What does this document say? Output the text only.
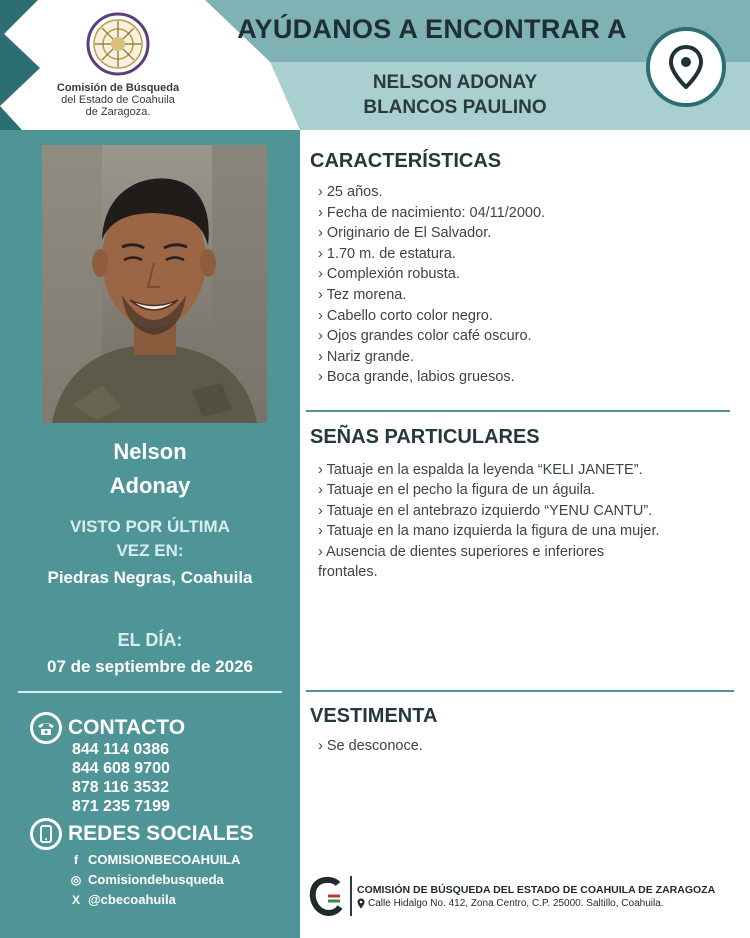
Comisión de Búsqueda
del Estado de Coahuila
de Zaragoza.
AYÚDANOS A ENCONTRAR A
NELSON ADONAY
BLANCOS PAULINO
Nelson
Adonay
VISTO POR ÚLTIMA
VEZ EN:
Piedras Negras, Coahuila
EL DÍA:
07 de septiembre de 2026
CONTACTO
844 114 0386
844 608 9700
878 116 3532
871 235 7199
REDES SOCIALES
f COMISIONBECOAHUILA
◎ Comisiondebusqueda
X @cbecoahuila
CARACTERÍSTICAS
› 25 años.
› Fecha de nacimiento: 04/11/2000.
› Originario de El Salvador.
› 1.70 m. de estatura.
› Complexión robusta.
› Tez morena.
› Cabello corto color negro.
› Ojos grandes color café oscuro.
› Nariz grande.
› Boca grande, labios gruesos.
SEÑAS PARTICULARES
› Tatuaje en la espalda la leyenda “KELI JANETE”.
› Tatuaje en el pecho la figura de un águila.
› Tatuaje en el antebrazo izquierdo “YENU CANTU”.
› Tatuaje en la mano izquierda la figura de una mujer.
› Ausencia de dientes superiores e inferiores
frontales.
VESTIMENTA
› Se desconoce.
COMISIÓN DE BÚSQUEDA DEL ESTADO DE COAHUILA DE ZARAGOZA
Calle Hidalgo No. 412, Zona Centro, C.P. 25000. Saltillo, Coahuila.
